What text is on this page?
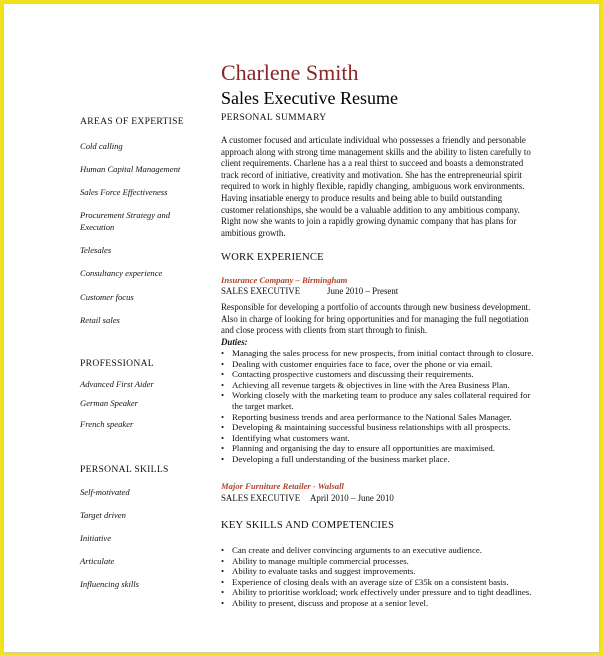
Charlene Smith
Sales Executive Resume
AREAS OF EXPERTISE
Cold calling
Human Capital Management
Sales Force Effectiveness
Procurement Strategy and Execution
Telesales
Consultancy experience
Customer focus
Retail sales
PROFESSIONAL
Advanced First Aider
German Speaker
French speaker
PERSONAL SKILLS
Self-motivated
Target driven
Initiative
Articulate
Influencing skills
PERSONAL SUMMARY
A customer focused and articulate individual who possesses a friendly and personable approach along with strong time management skills and the ability to listen carefully to client requirements. Charlene has a a real thirst to succeed and boasts a demonstrated track record of initiative, creativity and motivation. She has the entrepreneurial spirit required to work in highly flexible, rapidly changing, ambiguous work environments. Having insatiable energy to produce results and being able to build outstanding customer relationships, she would be a valuable addition to any ambitious company. Right now she wants to join a rapidly growing dynamic company that has plans for ambitious growth.
WORK EXPERIENCE
Insurance Company – Birmingham
SALES EXECUTIVE	June 2010 – Present
Responsible for developing a portfolio of accounts through new business development. Also in charge of looking for bring opportunities and for managing the full negotiation and close process with clients from start through to finish.
Duties:
• Managing the sales process for new prospects, from initial contact through to closure.
• Dealing with customer enquiries face to face, over the phone or via email.
• Contacting prospective customers and discussing their requirements.
• Achieving all revenue targets & objectives in line with the Area Business Plan.
• Working closely with the marketing team to produce any sales collateral required for the target market.
• Reporting business trends and area performance to the National Sales Manager.
• Developing & maintaining successful business relationships with all prospects.
• Identifying what customers want.
• Planning and organising the day to ensure all opportunities are maximised.
• Developing a full understanding of the business market place.
Major Furniture Retailer - Walsall
SALES EXECUTIVE April 2010 – June 2010
KEY SKILLS AND COMPETENCIES
• Can create and deliver convincing arguments to an executive audience.
• Ability to manage multiple commercial processes.
• Ability to evaluate tasks and suggest improvements.
• Experience of closing deals with an average size of £35k on a consistent basis.
• Ability to prioritise workload; work effectively under pressure and to tight deadlines.
• Ability to present, discuss and propose at a senior level.
